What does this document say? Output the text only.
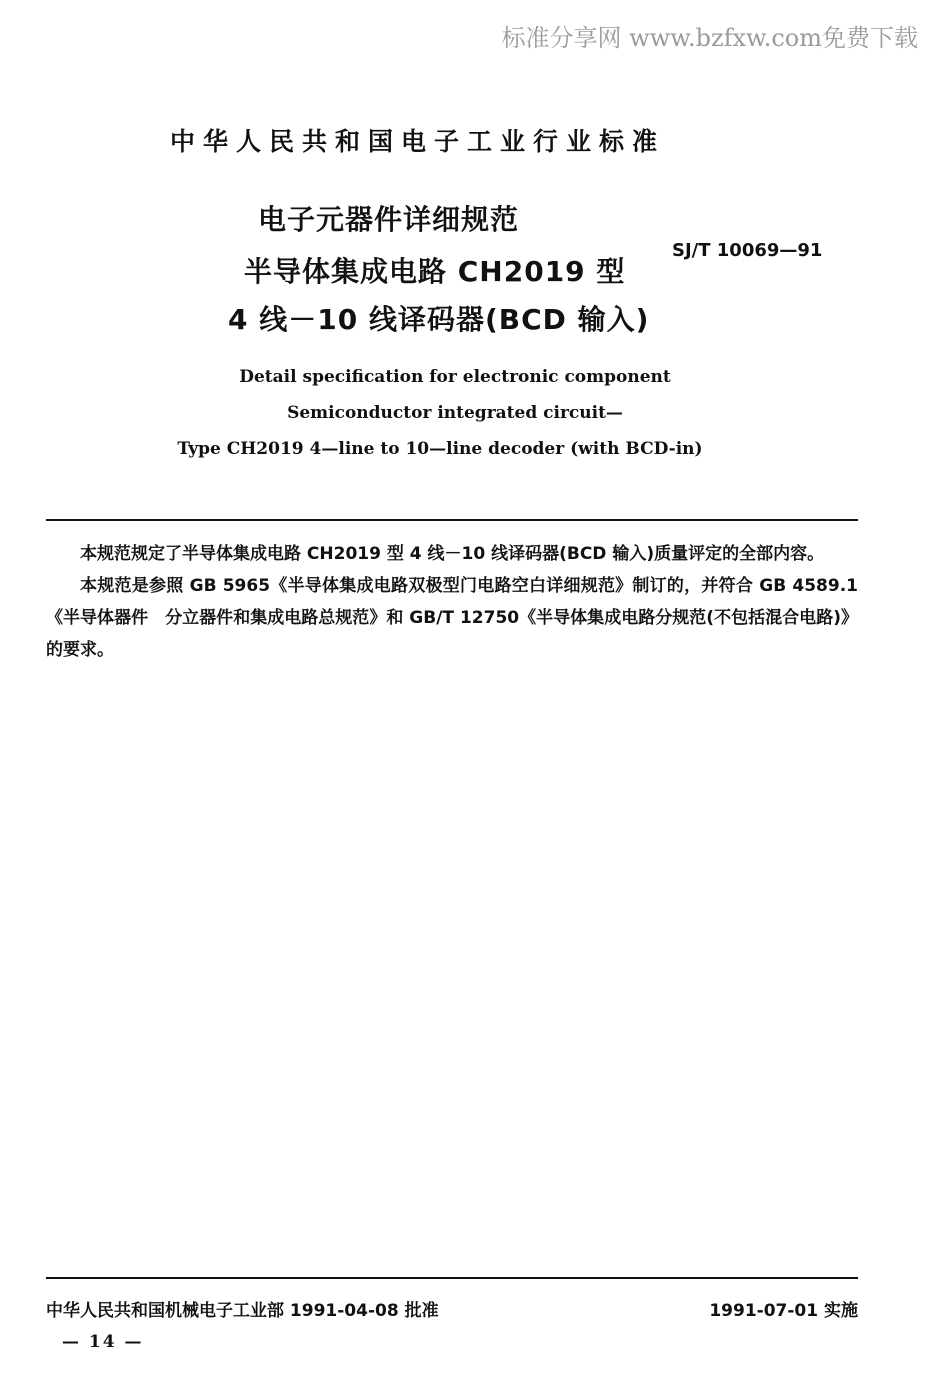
标准分享网 www.bzfxw.com免费下载
中华人民共和国电子工业行业标准
电子元器件详细规范
半导体集成电路 CH2019 型
4 线－10 线译码器(BCD 输入)
SJ/T 10069—91
Detail specification for electronic component
Semiconductor integrated circuit—
Type CH2019 4—line to 10—line decoder (with BCD-in)

本规范规定了半导体集成电路 CH2019 型 4 线－10 线译码器(BCD 输入)质量评定的全部内容。

本规范是参照 GB 5965《半导体集成电路双极型门电路空白详细规范》制订的，并符合 GB 4589.1《半导体器件　分立器件和集成电路总规范》和 GB/T 12750《半导体集成电路分规范(不包括混合电路)》的要求。

中华人民共和国机械电子工业部 1991-04-08 批准	1991-07-01 实施
— 14 —
